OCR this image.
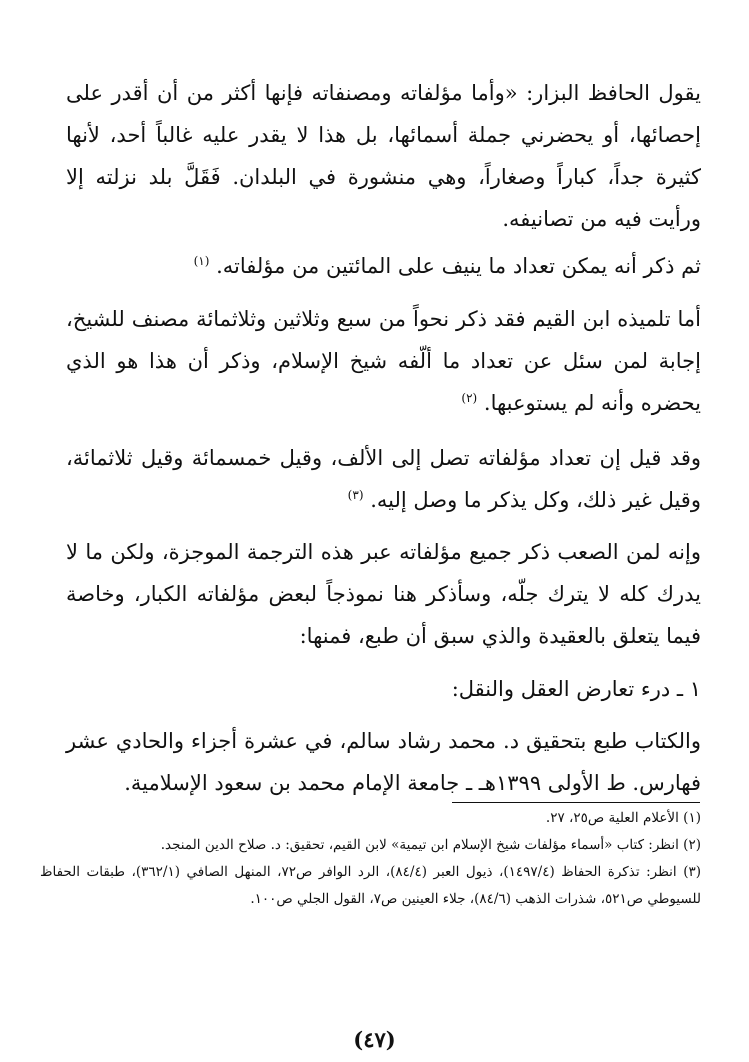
يقول الحافظ البزار: «وأما مؤلفاته ومصنفاته فإنها أكثر من أن أقدر على إحصائها، أو يحضرني جملة أسمائها، بل هذا لا يقدر عليه غالباً أحد، لأنها كثيرة جداً، كباراً وصغاراً، وهي منشورة في البلدان. فَقَلَّ بلد نزلته إلا ورأيت فيه من تصانيفه.

ثم ذكر أنه يمكن تعداد ما ينيف على المائتين من مؤلفاته. $^{(١)}$

أما تلميذه ابن القيم فقد ذكر نحواً من سبع وثلاثين وثلاثمائة مصنف للشيخ، إجابة لمن سئل عن تعداد ما ألّفه شيخ الإسلام، وذكر أن هذا هو الذي يحضره وأنه لم يستوعبها. $^{(٢)}$

وقد قيل إن تعداد مؤلفاته تصل إلى الألف، وقيل خمسمائة وقيل ثلاثمائة، وقيل غير ذلك، وكل يذكر ما وصل إليه. $^{(٣)}$

وإنه لمن الصعب ذكر جميع مؤلفاته عبر هذه الترجمة الموجزة، ولكن ما لا يدرك كله لا يترك جلّه، وسأذكر هنا نموذجاً لبعض مؤلفاته الكبار، وخاصة فيما يتعلق بالعقيدة والذي سبق أن طبع، فمنها:

١ ـ درء تعارض العقل والنقل:

والكتاب طبع بتحقيق د. محمد رشاد سالم، في عشرة أجزاء والحادي عشر فهارس. ط الأولى ١٣٩٩هـ ـ جامعة الإمام محمد بن سعود الإسلامية.

(١) الأعلام العلية ص٢٥، ٢٧.

(٢) انظر: كتاب «أسماء مؤلفات شيخ الإسلام ابن تيمية» لابن القيم، تحقيق: د. صلاح الدين المنجد.

(٣) انظر: تذكرة الحفاظ (١٤٩٧/٤)، ذيول العبر (٨٤/٤)، الرد الوافر ص٧٢، المنهل الصافي (٣٦٢/١)، طبقات الحفاظ للسيوطي ص٥٢١، شذرات الذهب (٨٤/٦)، جلاء العينين ص٧، القول الجلي ص١٠٠.

(٤٧)
